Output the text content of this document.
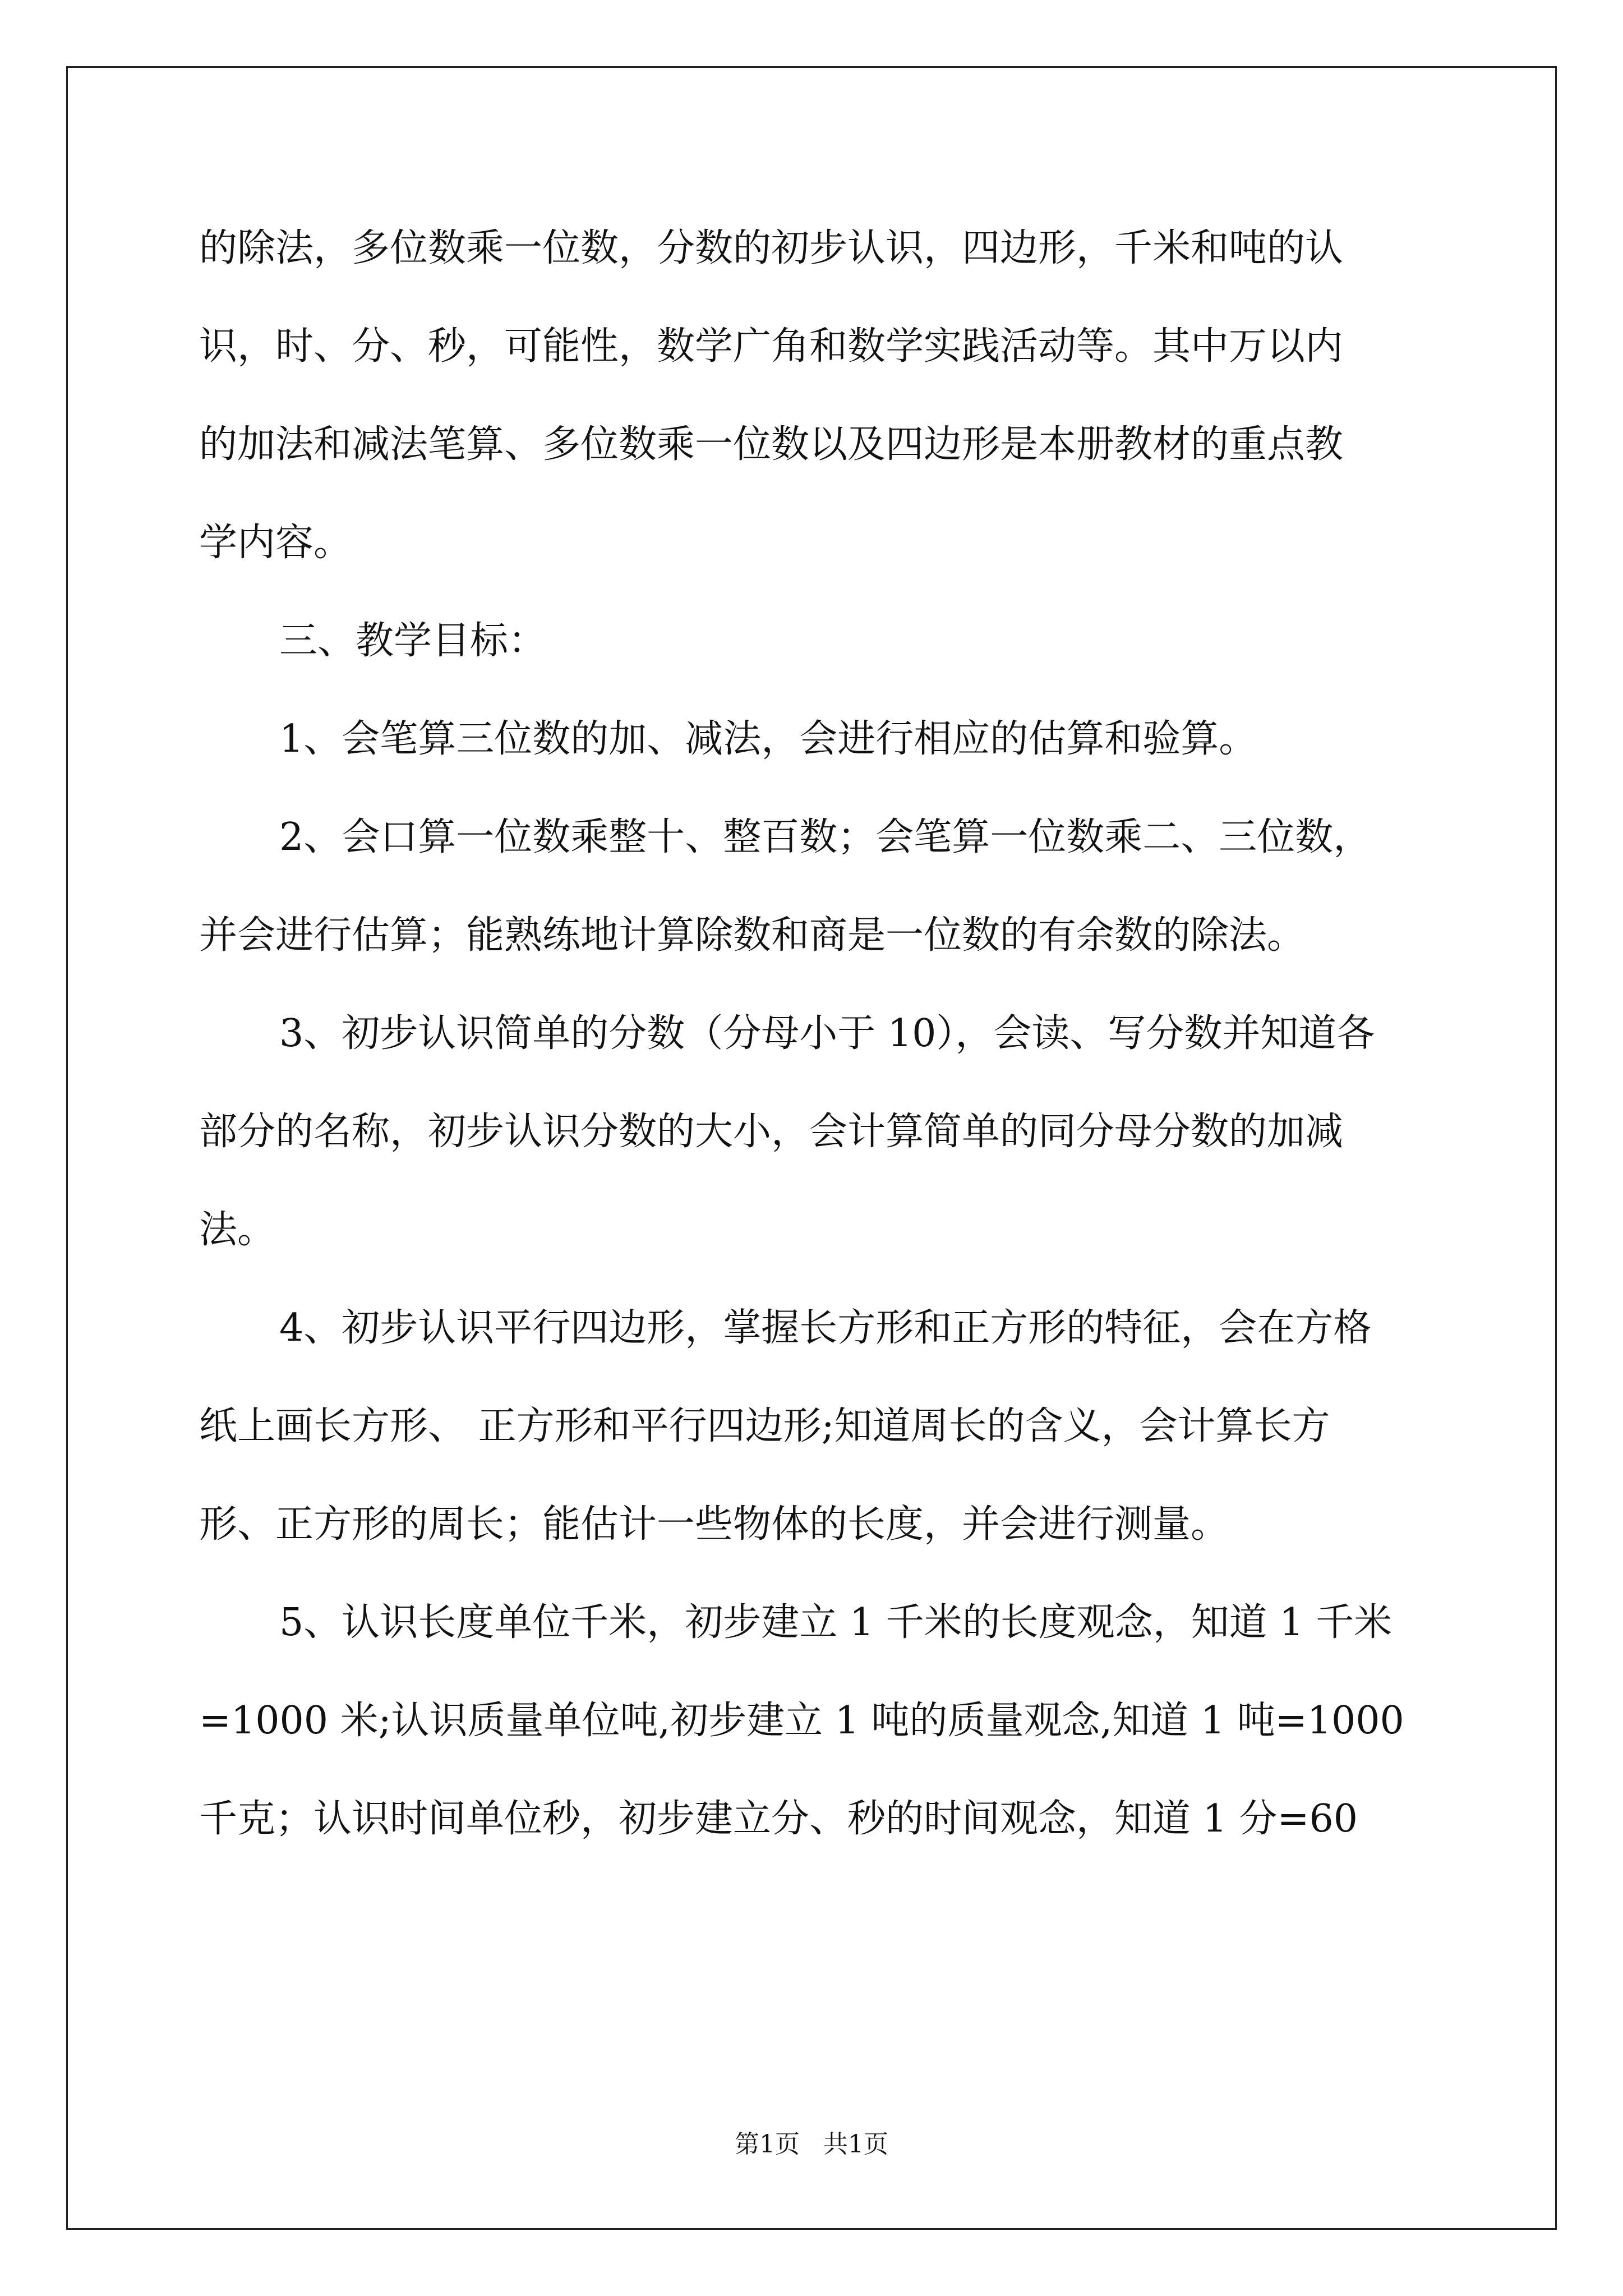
的除法，多位数乘一位数，分数的初步认识，四边形，千米和吨的认
识，时、分、秒，可能性，数学广角和数学实践活动等。其中万以内
的加法和减法笔算、多位数乘一位数以及四边形是本册教材的重点教
学内容。
三、教学目标：
1、会笔算三位数的加、减法，会进行相应的估算和验算。
2、会口算一位数乘整十、整百数；会笔算一位数乘二、三位数，
并会进行估算；能熟练地计算除数和商是一位数的有余数的除法。
3、初步认识简单的分数（分母小于 10），会读、写分数并知道各
部分的名称，初步认识分数的大小，会计算简单的同分母分数的加减
法。
4、初步认识平行四边形，掌握长方形和正方形的特征，会在方格
纸上画长方形、 正方形和平行四边形;知道周长的含义，会计算长方
形、正方形的周长；能估计一些物体的长度，并会进行测量。
5、认识长度单位千米，初步建立 1 千米的长度观念，知道 1 千米
=1000 米;认识质量单位吨,初步建立 1 吨的质量观念,知道 1 吨=1000
千克；认识时间单位秒，初步建立分、秒的时间观念，知道 1 分=60
第1页   共1页
